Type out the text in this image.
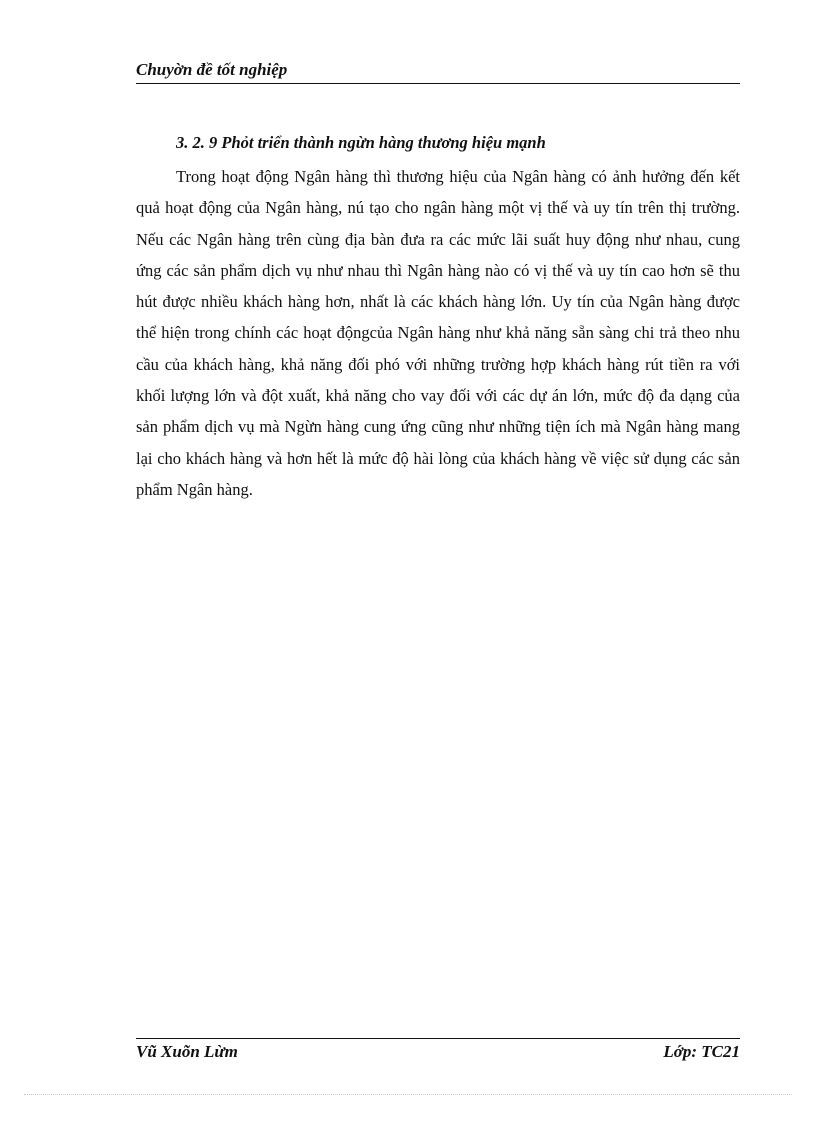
Chuyờn đề tốt nghiệp
3. 2. 9 Phỏt triển thành ngừn hàng thương hiệu mạnh

Trong hoạt động Ngân hàng thì thương hiệu của Ngân hàng có ảnh hưởng đến kết quả hoạt động của Ngân hàng, nú tạo cho ngân hàng một vị thế và uy tín trên thị trường. Nếu các Ngân hàng trên cùng địa bàn đưa ra các mức lãi suất huy động như nhau, cung ứng các sản phẩm dịch vụ như nhau thì Ngân hàng nào có vị thế và uy tín cao hơn sẽ thu hút được nhiều khách hàng hơn, nhất là các khách hàng lớn. Uy tín của Ngân hàng được thể hiện trong chính các hoạt độngcủa Ngân hàng như khả năng sẵn sàng chi trả theo nhu cầu của khách hàng, khả năng đối phó với những trường hợp khách hàng rút tiền ra với khối lượng lớn và đột xuất, khả năng cho vay đối với các dự án lớn, mức độ đa dạng của sản phẩm dịch vụ mà Ngừn hàng cung ứng cũng như những tiện ích mà Ngân hàng mang lại cho khách hàng và hơn hết là mức độ hài lòng của khách hàng về việc sử dụng các sản phẩm Ngân hàng.

Vũ Xuõn Lừm	Lớp: TC21
